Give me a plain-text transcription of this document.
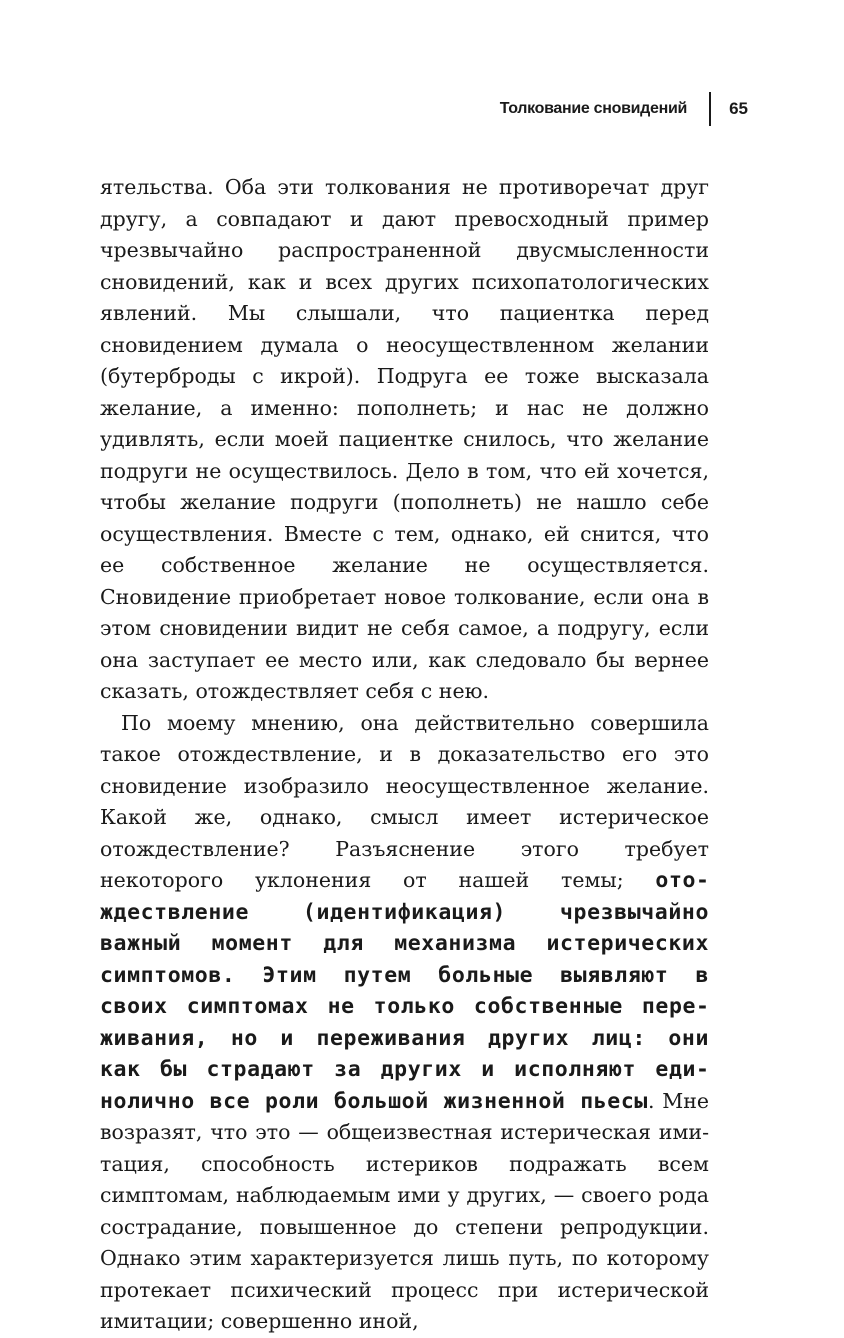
Толкование сновидений 65

ятельства. Оба эти толкования не противоречат друг другу, а совпадают и дают превосходный пример чрезвычайно распространенной двусмысленности сновидений, как и всех других психопатологических явлений. Мы слышали, что пациентка перед сновидением думала о неосуществленном желании (бутерброды с икрой). Подруга ее тоже высказала желание, а именно: пополнеть; и нас не должно удивлять, если моей пациентке снилось, что желание подруги не осуществилось. Дело в том, что ей хочется, чтобы желание подруги (пополнеть) не нашло себе осуществления. Вместе с тем, однако, ей снится, что ее собственное желание не осуществляется. Сновидение приобретает новое толкование, если она в этом сновидении видит не себя самое, а подругу, если она заступает ее место или, как следовало бы вернее сказать, отождествляет себя с нею.

По моему мнению, она действительно совершила такое отождествление, и в доказательство его это сновидение изобразило неосуществленное желание. Какой же, однако, смысл имеет истерическое отождествление? Разъяснение этого требует некоторого уклонения от нашей темы; отождествление (идентификация) чрезвычайно важный момент для механизма истерических симптомов. Этим путем больные выявляют в своих симптомах не только собственные переживания, но и переживания других лиц: они как бы страдают за других и исполняют единолично все роли большой жизненной пьесы. Мне возразят, что это — общеизвестная истерическая имитация, способность истериков подражать всем симптомам, наблюдаемым ими у других, — своего рода сострадание, повышенное до степени репродукции. Однако этим характеризуется лишь путь, по которому протекает психический процесс при истерической имитации; совершенно иной,
